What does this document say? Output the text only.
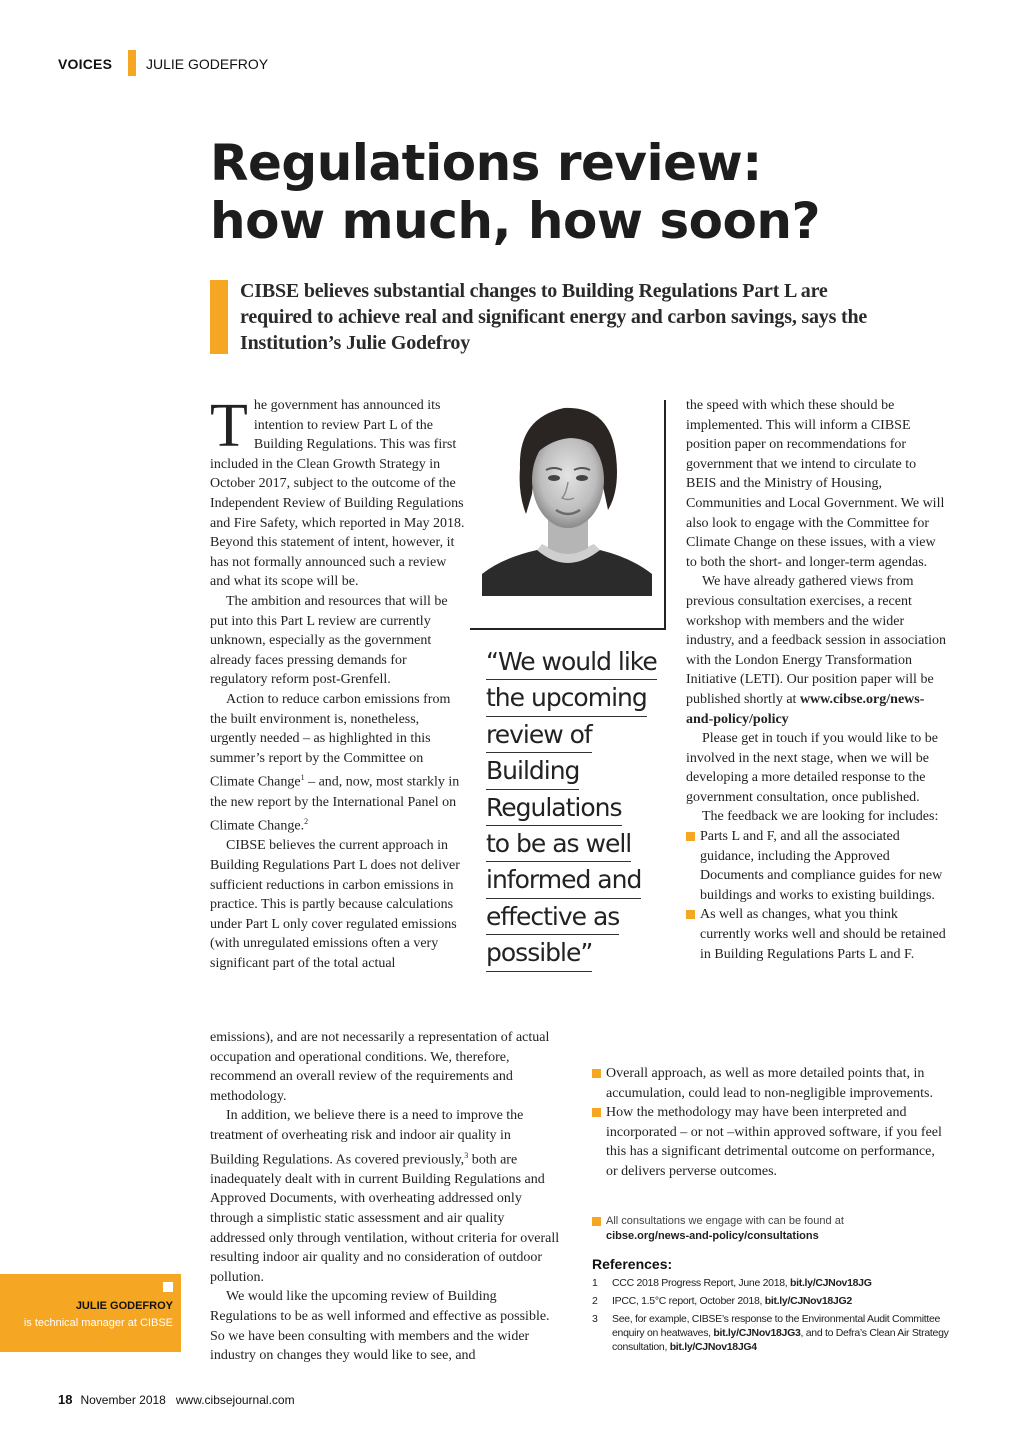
VOICES JULIE GODEFROY
Regulations review:
how much, how soon?
CIBSE believes substantial changes to Building Regulations Part L are
required to achieve real and significant energy and carbon savings, says the
Institution’s Julie Godefroy

The government has announced its intention to review Part L of the Building Regulations. This was first included in the Clean Growth Strategy in October 2017, subject to the outcome of the Independent Review of Building Regulations and Fire Safety, which reported in May 2018. Beyond this statement of intent, however, it has not formally announced such a review and what its scope will be.

The ambition and resources that will be put into this Part L review are currently unknown, especially as the government already faces pressing demands for regulatory reform post-Grenfell.

Action to reduce carbon emissions from the built environment is, nonetheless, urgently needed – as highlighted in this summer’s report by the Committee on Climate Change$^1$ – and, now, most starkly in the new report by the International Panel on Climate Change.$^2$

CIBSE believes the current approach in Building Regulations Part L does not deliver sufficient reductions in carbon emissions in practice. This is partly because calculations under Part L only cover regulated emissions (with unregulated emissions often a very significant part of the total actual

emissions), and are not necessarily a representation of actual occupation and operational conditions. We, therefore, recommend an overall review of the requirements and methodology.

In addition, we believe there is a need to improve the treatment of overheating risk and indoor air quality in Building Regulations. As covered previously,$^3$ both are inadequately dealt with in current Building Regulations and Approved Documents, with overheating addressed only through a simplistic static assessment and air quality addressed only through ventilation, without criteria for overall resulting indoor air quality and no consideration of outdoor pollution.

We would like the upcoming review of Building Regulations to be as well informed and effective as possible. So we have been consulting with members and the wider industry on changes they would like to see, and

“We would like
the upcoming
review of
Building
Regulations
to be as well
informed and
effective as
possible”

the speed with which these should be implemented. This will inform a CIBSE position paper on recommendations for government that we intend to circulate to BEIS and the Ministry of Housing, Communities and Local Government. We will also look to engage with the Committee for Climate Change on these issues, with a view to both the short- and longer-term agendas.

We have already gathered views from previous consultation exercises, a recent workshop with members and the wider industry, and a feedback session in association with the London Energy Transformation Initiative (LETI). Our position paper will be published shortly at www.cibse.org/news-and-policy/policy

Please get in touch if you would like to be involved in the next stage, when we will be developing a more detailed response to the government consultation, once published.

The feedback we are looking for includes:

Parts L and F, and all the associated guidance, including the Approved Documents and compliance guides for new buildings and works to existing buildings.
As well as changes, what you think currently works well and should be retained in Building Regulations Parts L and F.
Overall approach, as well as more detailed points that, in accumulation, could lead to non-negligible improvements.
How the methodology may have been interpreted and incorporated – or not –within approved software, if you feel this has a significant detrimental outcome on performance, or delivers perverse outcomes.
All consultations we engage with can be found at
cibse.org/news-and-policy/consultations
References:
1 CCC 2018 Progress Report, June 2018, bit.ly/CJNov18JG
2 IPCC, 1.5°C report, October 2018, bit.ly/CJNov18JG2
3 See, for example, CIBSE’s response to the Environmental Audit Committee enquiry on heatwaves, bit.ly/CJNov18JG3, and to Defra’s Clean Air Strategy consultation, bit.ly/CJNov18JG4
JULIE GODEFROY
is technical manager at CIBSE
18 November 2018 www.cibsejournal.com
